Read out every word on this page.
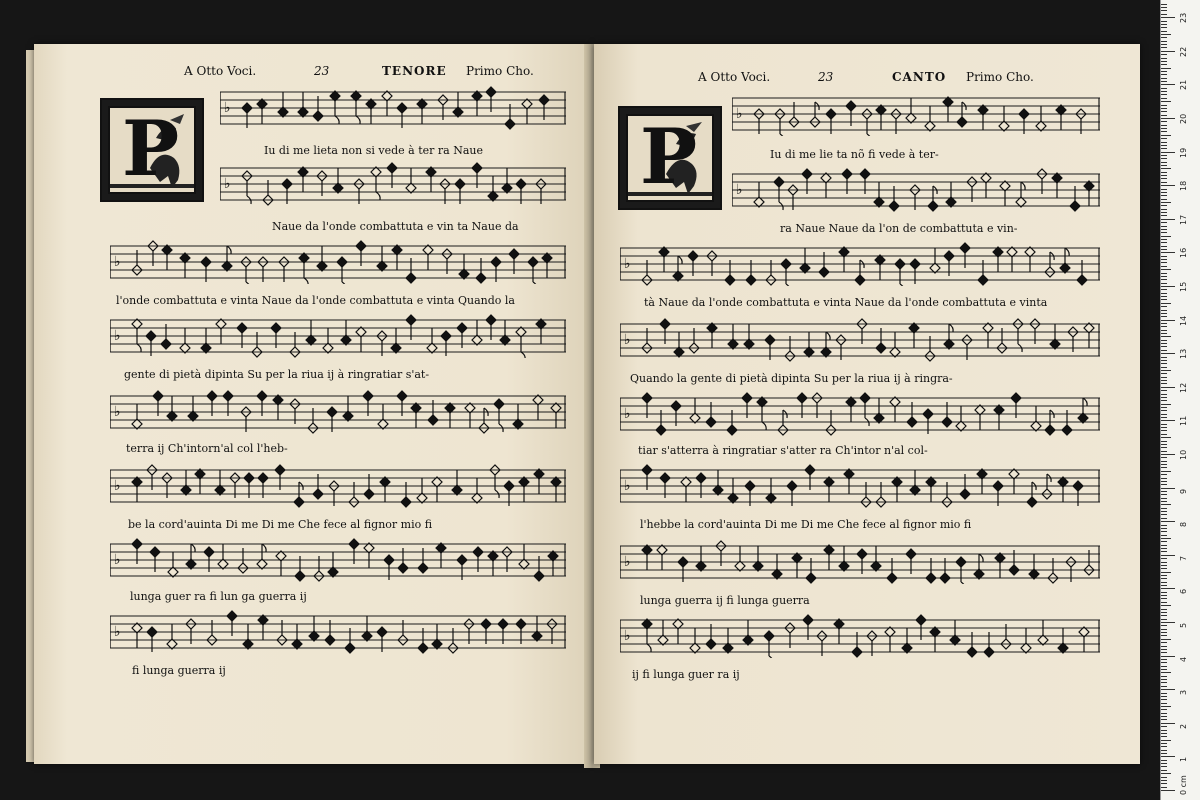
A Otto Voci.	23	TENORE Primo Cho.
P	♭
Iu di me lieta non si vede à ter ra Naue
♭
Naue da l'onde combattuta e vin ta Naue da
♭
l'onde combattuta e vinta Naue da l'onde combattuta e vinta Quando la
♭
gente di pietà dipinta Su per la riua ij à ringratiar s'at-
♭
terra ij Ch'intorn'al col l'heb-
♭
be la cord'auinta Di me Di me Che fece al fignor mio fi
♭
lunga guer ra fi lun ga guerra ij
♭
fi lunga guerra ij
A Otto Voci.	23	CANTO Primo Cho.
P	♭
Iu di me lie ta nõ fi vede à ter-
♭
ra Naue Naue da l'on de combattuta e vin-
♭
tà Naue da l'onde combattuta e vinta Naue da l'onde combattuta e vinta
♭
Quando la gente di pietà dipinta Su per la riua ij à ringra-
♭
tiar s'atterra à ringratiar s'atter ra Ch'intor n'al col-
♭
l'hebbe la cord'auinta Di me Di me Che fece al fignor mio fi
♭
lunga guerra ij fi lunga guerra
♭
ij fi lunga guer ra ij
0 cm
1
2
3
4
5
6
7
8
9
10
11
12
13
14
15
16
17
18
19
20
21
22
23
